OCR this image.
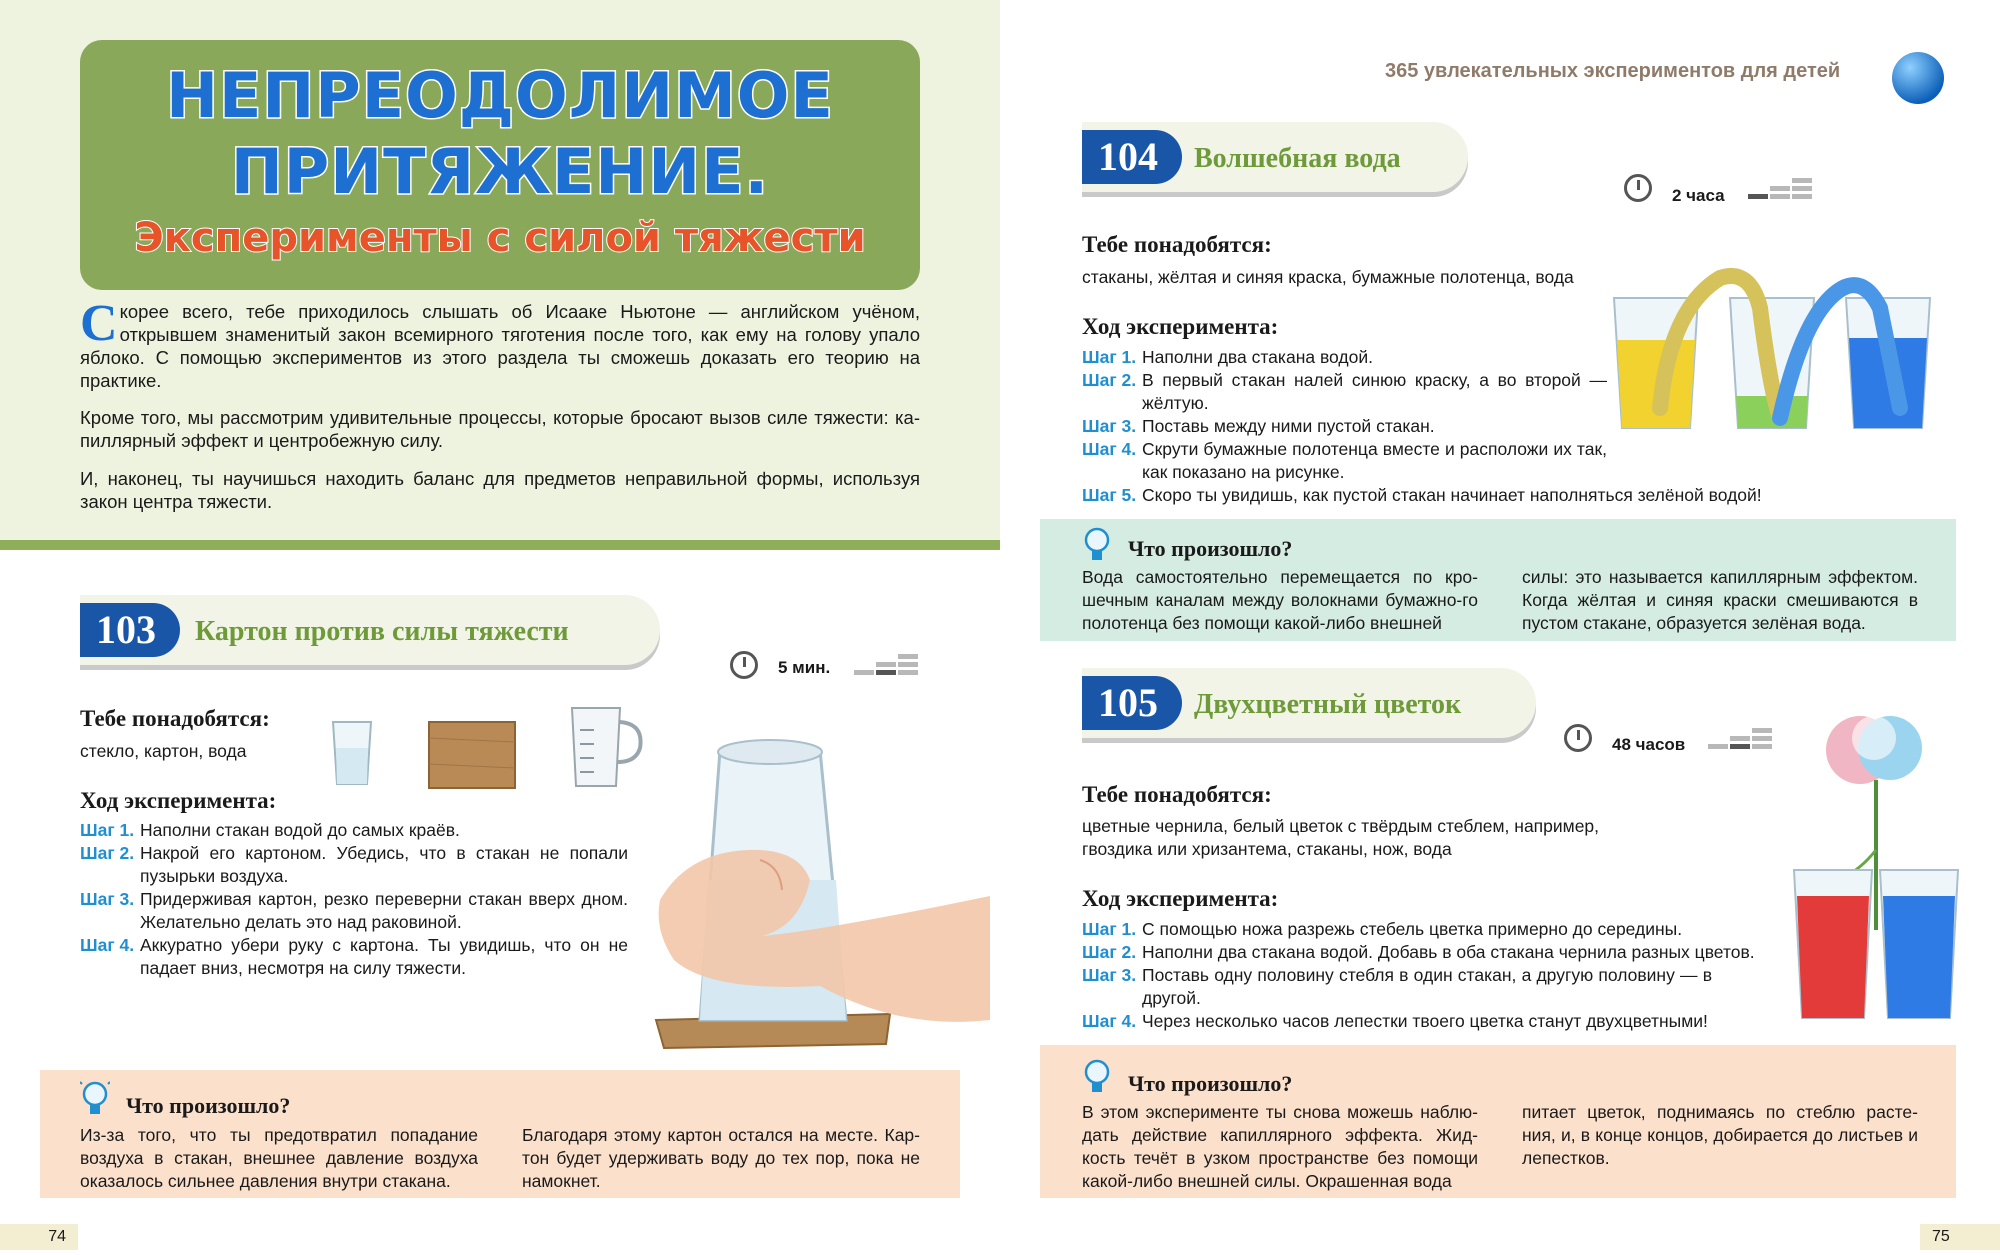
НЕПРЕОДОЛИМОЕ
ПРИТЯЖЕНИЕ.
Эксперименты с силой тяжести
Скорее всего, тебе приходилось слышать об Исааке Ньютоне — английском учёном, открывшем знаменитый закон всемирного тяготения после того, как ему на голову упало яблоко. С помощью экспериментов из этого раздела ты сможешь доказать его теорию на практике.
Кроме того, мы рассмотрим удивительные процессы, которые бросают вызов силе тяжести: ка-пиллярный эффект и центробежную силу.
И, наконец, ты научишься находить баланс для предметов неправильной формы, используя закон центра тяжести.
103	Картон против силы тяжести
5 мин.
Тебе понадобятся:
стекло, картон, вода
Ход эксперимента:
Шаг 1. Наполни стакан водой до самых краёв.
Шаг 2. Накрой его картоном. Убедись, что в стакан не попали пузырьки воздуха.
Шаг 3. Придерживая картон, резко переверни стакан вверх дном. Желательно делать это над раковиной.
Шаг 4. Аккуратно убери руку с картона. Ты увидишь, что он не падает вниз, несмотря на силу тяжести.
Что произошло?
Из-за того, что ты предотвратил попадание воздуха в стакан, внешнее давление воздуха оказалось сильнее давления внутри стакана.
Благодаря этому картон остался на месте. Кар-тон будет удерживать воду до тех пор, пока не намокнет.
74
365 увлекательных экспериментов для детей
104	Волшебная вода
2 часа
Тебе понадобятся:
стаканы, жёлтая и синяя краска, бумажные полотенца, вода
Ход эксперимента:
Шаг 1. Наполни два стакана водой.
Шаг 2. В первый стакан налей синюю краску, а во второй — жёлтую.
Шаг 3. Поставь между ними пустой стакан.
Шаг 4. Скрути бумажные полотенца вместе и расположи их так, как показано на рисунке.
Шаг 5. Скоро ты увидишь, как пустой стакан начинает наполняться зелёной водой!
Что произошло?
Вода самостоятельно перемещается по кро-шечным каналам между волокнами бумажно-го полотенца без помощи какой-либо внешней
силы: это называется капиллярным эффектом. Когда жёлтая и синяя краски смешиваются в пустом стакане, образуется зелёная вода.
105	Двухцветный цветок
48 часов
Тебе понадобятся:
цветные чернила, белый цветок с твёрдым стеблем, например, гвоздика или хризантема, стаканы, нож, вода
Ход эксперимента:
Шаг 1. С помощью ножа разрежь стебель цветка примерно до середины.
Шаг 2. Наполни два стакана водой. Добавь в оба стакана чернила разных цветов.
Шаг 3. Поставь одну половину стебля в один стакан, а другую половину — в другой.
Шаг 4. Через несколько часов лепестки твоего цветка станут двухцветными!
Что произошло?
В этом эксперименте ты снова можешь наблю-дать действие капиллярного эффекта. Жид-кость течёт в узком пространстве без помощи какой-либо внешней силы. Окрашенная вода
питает цветок, поднимаясь по стеблю расте-ния, и, в конце концов, добирается до листьев и лепестков.
75
